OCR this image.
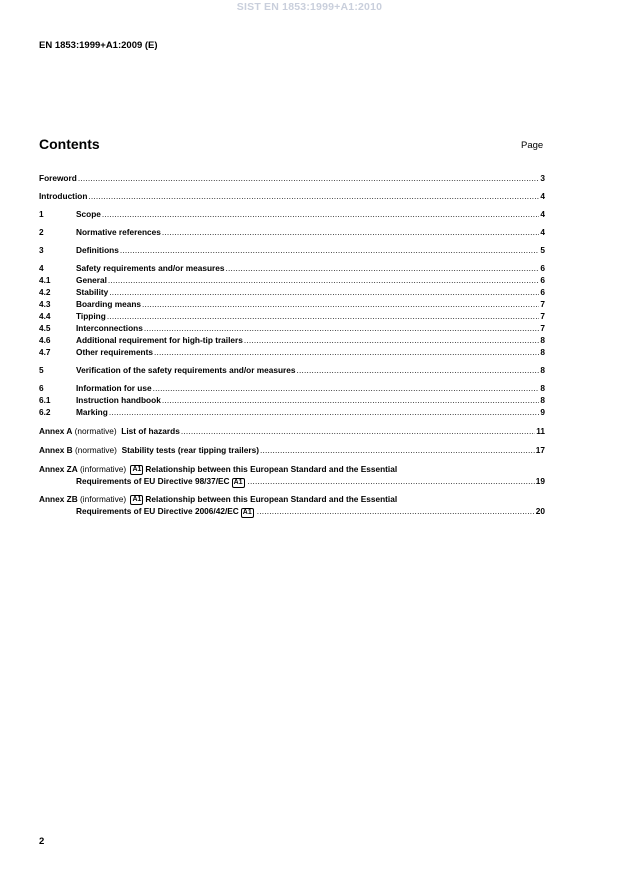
SIST EN 1853:1999+A1:2010
EN 1853:1999+A1:2009 (E)
Contents	Page
Foreword .....	3
Introduction .....	4
1	Scope .....	4
2	Normative references .....	4
3	Definitions .....	5
4	Safety requirements and/or measures .....	6
4.1	General .....	6
4.2	Stability .....	6
4.3	Boarding means .....	7
4.4	Tipping .....	7
4.5	Interconnections .....	7
4.6	Additional requirement for high-tip trailers .....	8
4.7	Other requirements .....	8
5	Verification of the safety requirements and/or measures .....	8
6	Information for use .....	8
6.1	Instruction handbook .....	8
6.2	Marking .....	9
Annex A (normative) List of hazards .....	11
Annex B (normative) Stability tests (rear tipping trailers) .....	17
Annex ZA (informative) A1 Relationship between this European Standard and the Essential
Requirements of EU Directive 98/37/EC A1 .....	19
Annex ZB (informative) A1 Relationship between this European Standard and the Essential
Requirements of EU Directive 2006/42/EC A1 .....	20
2
